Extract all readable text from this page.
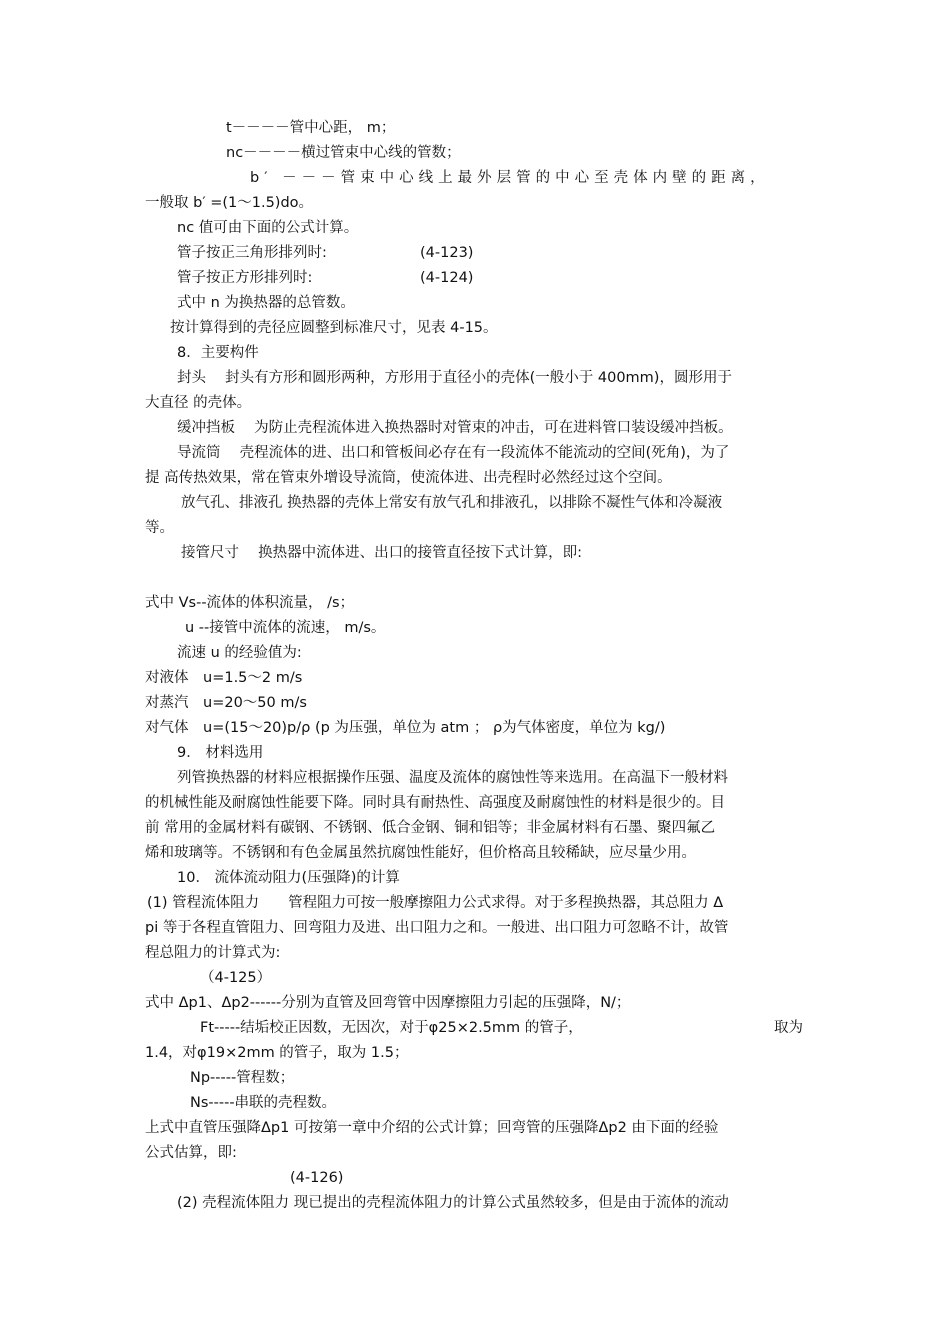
t－－－－管中心距， m；
nc－－－－横过管束中心线的管数；
b′ －－－管束中心线上最外层管的中心至壳体内壁的距离，
一般取 b′ =(1～1.5)do。
nc 值可由下面的公式计算。
管子按正三角形排列时:	(4-123)
管子按正方形排列时:	(4-124)
式中 n 为换热器的总管数。
按计算得到的壳径应圆整到标准尺寸，见表 4-15。
8．主要构件
封头　 封头有方形和圆形两种，方形用于直径小的壳体(一般小于 400mm)，圆形用于
大直径 的壳体。
缓冲挡板　 为防止壳程流体进入换热器时对管束的冲击，可在进料管口装设缓冲挡板。
导流筒　 壳程流体的进、出口和管板间必存在有一段流体不能流动的空间(死角)，为了
提 高传热效果，常在管束外增设导流筒，使流体进、出壳程时必然经过这个空间。
放气孔、排液孔 换热器的壳体上常安有放气孔和排液孔，以排除不凝性气体和冷凝液
等。
接管尺寸　 换热器中流体进、出口的接管直径按下式计算，即:
式中 Vs--流体的体积流量， /s；
u --接管中流体的流速， m/s。
流速 u 的经验值为:
对液体　u=1.5～2 m/s
对蒸汽　u=20～50 m/s
对气体　u=(15～20)p/ρ (p 为压强，单位为 atm ； ρ为气体密度，单位为 kg/)
9． 材料选用
列管换热器的材料应根据操作压强、温度及流体的腐蚀性等来选用。在高温下一般材料
的机械性能及耐腐蚀性能要下降。同时具有耐热性、高强度及耐腐蚀性的材料是很少的。目
前 常用的金属材料有碳钢、不锈钢、低合金钢、铜和铝等；非金属材料有石墨、聚四氟乙
烯和玻璃等。不锈钢和有色金属虽然抗腐蚀性能好，但价格高且较稀缺，应尽量少用。
10． 流体流动阻力(压强降)的计算
(1) 管程流体阻力　　管程阻力可按一般摩擦阻力公式求得。对于多程换热器，其总阻力 Δ
pi 等于各程直管阻力、回弯阻力及进、出口阻力之和。一般进、出口阻力可忽略不计，故管
程总阻力的计算式为:
（4-125）
式中 Δp1、Δp2------分别为直管及回弯管中因摩擦阻力引起的压强降，N/；
Ft-----结垢校正因数，无因次，对于φ25×2.5mm 的管子，	取为
1.4，对φ19×2mm 的管子，取为 1.5；
Np-----管程数；
Ns-----串联的壳程数。
上式中直管压强降Δp1 可按第一章中介绍的公式计算；回弯管的压强降Δp2 由下面的经验
公式估算，即:
(4-126)
(2) 壳程流体阻力 现已提出的壳程流体阻力的计算公式虽然较多，但是由于流体的流动
